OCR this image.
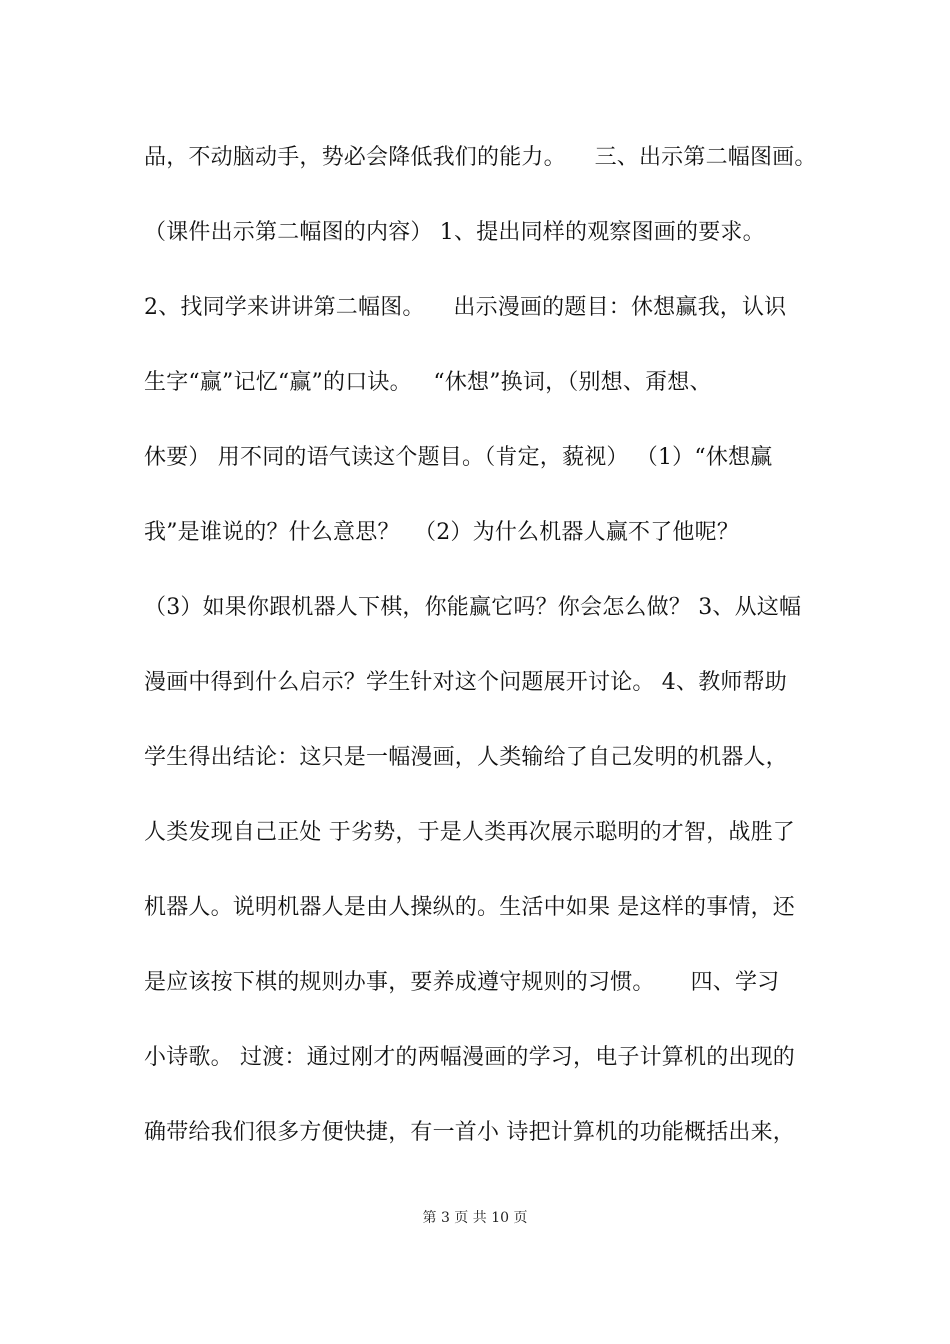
品，不动脑动手，势必会降低我们的能力。    三、出示第二幅图画。
（课件出示第二幅图的内容） 1、提出同样的观察图画的要求。
2、找同学来讲讲第二幅图。    出示漫画的题目：休想赢我，认识
生字“赢”记忆“赢”的口诀。   “休想”换词，（别想、甭想、
休要） 用不同的语气读这个题目。（肯定，藐视） （1）“休想赢
我”是谁说的？什么意思？  （2）为什么机器人赢不了他呢？
（3）如果你跟机器人下棋，你能赢它吗？你会怎么做？ 3、从这幅
漫画中得到什么启示？学生针对这个问题展开讨论。 4、教师帮助
学生得出结论：这只是一幅漫画，人类输给了自己发明的机器人，
人类发现自己正处 于劣势，于是人类再次展示聪明的才智，战胜了
机器人。说明机器人是由人操纵的。生活中如果 是这样的事情，还
是应该按下棋的规则办事，要养成遵守规则的习惯。     四、学习
小诗歌。 过渡：通过刚才的两幅漫画的学习，电子计算机的出现的
确带给我们很多方便快捷，有一首小 诗把计算机的功能概括出来，
第 3 页 共 10 页
